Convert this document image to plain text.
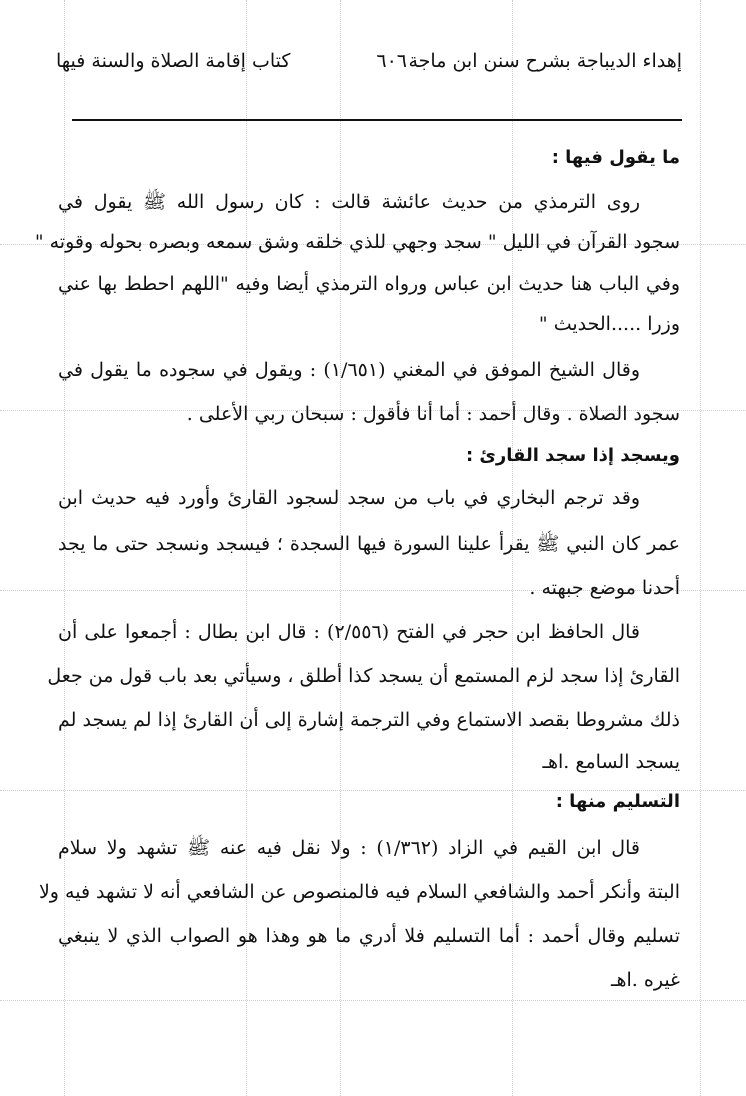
إهداء الديباجة بشرح سنن ابن ماجة
٦٠٦
كتاب إقامة الصلاة والسنة فيها
ما يقول فيها :
روى الترمذي من حديث عائشة قالت : كان رسول الله ﷺ يقول في
سجود القرآن في الليل " سجد وجهي للذي خلقه وشق سمعه وبصره بحوله وقوته "
وفي الباب هنا حديث ابن عباس ورواه الترمذي أيضا وفيه "اللهم احطط بها عني
وزرا .....الحديث "
وقال الشيخ الموفق في المغني (١/٦٥١) : ويقول في سجوده ما يقول في
سجود الصلاة . وقال أحمد : أما أنا فأقول : سبحان ربي الأعلى .
ويسجد إذا سجد القارئ :
وقد ترجم البخاري في باب من سجد لسجود القارئ وأورد فيه حديث ابن
عمر كان النبي ﷺ يقرأ علينا السورة فيها السجدة ؛ فيسجد ونسجد حتى ما يجد
أحدنا موضع جبهته .
قال الحافظ ابن حجر في الفتح (٢/٥٥٦) : قال ابن بطال : أجمعوا على أن
القارئ إذا سجد لزم المستمع أن يسجد كذا أطلق ، وسيأتي بعد باب قول من جعل
ذلك مشروطا بقصد الاستماع وفي الترجمة إشارة إلى أن القارئ إذا لم يسجد لم
يسجد السامع .اهـ
التسليم منها :
قال ابن القيم في الزاد (١/٣٦٢) : ولا نقل فيه عنه ﷺ تشهد ولا سلام
البتة وأنكر أحمد والشافعي السلام فيه فالمنصوص عن الشافعي أنه لا تشهد فيه ولا
تسليم وقال أحمد : أما التسليم فلا أدري ما هو وهذا هو الصواب الذي لا ينبغي
غيره .اهـ
